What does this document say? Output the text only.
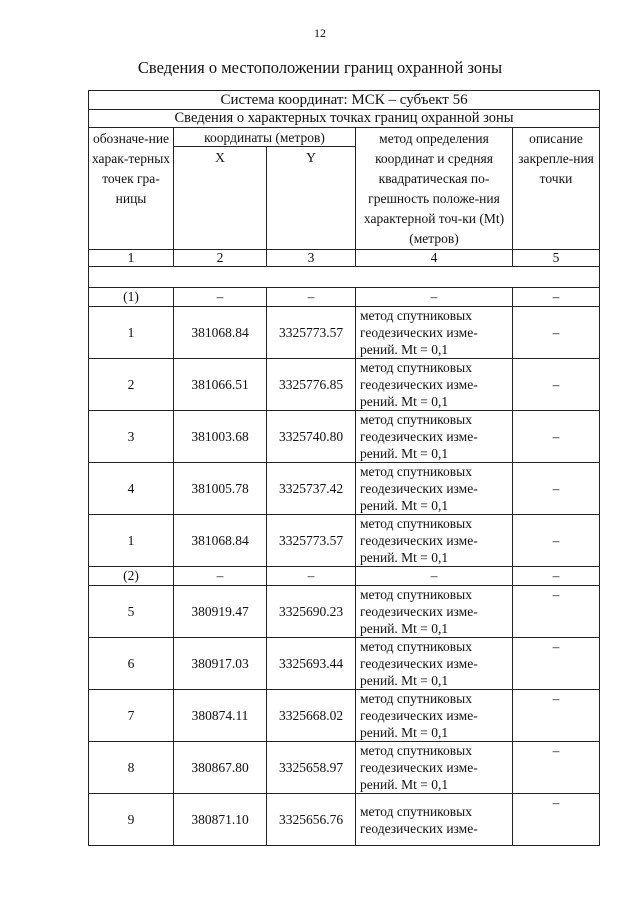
12
Сведения о местоположении границ охранной зоны
Система координат: МСК – субъект 56				
Сведения о характерных точках границ охранной зоны				
обозначе-ние харак-терных точек гра-ницы	координаты (метров)		метод определения координат и средняя квадратическая по-грешность положе-ния характерной точ-ки (Mt) (метров)	описание закрепле-ния точки
	X	Y		
1	2	3	4	5

(1)	–	–	–	–
1	381068.84	3325773.57	метод спутниковых геодезических изме-рений. Mt = 0,1	–
2	381066.51	3325776.85	метод спутниковых геодезических изме-рений. Mt = 0,1	–
3	381003.68	3325740.80	метод спутниковых геодезических изме-рений. Mt = 0,1	–
4	381005.78	3325737.42	метод спутниковых геодезических изме-рений. Mt = 0,1	–
1	381068.84	3325773.57	метод спутниковых геодезических изме-рений. Mt = 0,1	–
(2)	–	–	–	–
5	380919.47	3325690.23	метод спутниковых геодезических изме-рений. Mt = 0,1	–
6	380917.03	3325693.44	метод спутниковых геодезических изме-рений. Mt = 0,1	–
7	380874.11	3325668.02	метод спутниковых геодезических изме-рений. Mt = 0,1	–
8	380867.80	3325658.97	метод спутниковых геодезических изме-рений. Mt = 0,1	–
9	380871.10	3325656.76	метод спутниковых геодезических изме-	–
